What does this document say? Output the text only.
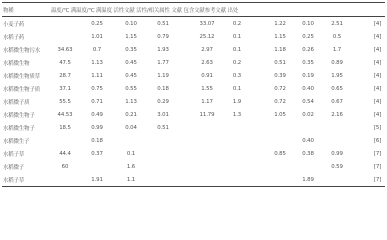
物種	温度/℃ 满温度/℃ 满温度 活性文献 活性/相关属性 文献 包含文献参考文献 出处												
小麦子药		0.25	0.10	0.51		33.07	0.2		1.22	0.10	2.51		[4]
水稻子药		1.01	1.15	0.79		25.12	0.1		1.15	0.25	0.5		[4]
水稻微生物污水	34.63	0.7	0.35	1.93		2.97	0.1		1.18	0.26	1.7		[4]
水稻微生物	47.5	1.13	0.45	1.77		2.63	0.2		0.51	0.35	0.89		[4]
水稻微生物质草	28.7	1.11	0.45	1.19		0.91	0.3		0.39	0.19	1.95		[4]
水稻微生物子质	37.1	0.75	0.55	0.18		1.55	0.1		0.72	0.40	0.65		[4]
水稻微子质	55.5	0.71	1.13	0.29		1.17	1.9		0.72	0.54	0.67		[4]
水稻微生物子	44.53	0.49	0.21	3.01		11.79	1.3		1.05	0.02	2.16		[4]
水稻微生物子	18.5	0.99	0.04	0.51									[5]
水稻微生子		0.18								0.40			[6]
水稻子草	44.4	0.37	0.1						0.85	0.38	0.99		[7]
水稻微子	60		1.6								0.59		[7]
水稻子草		1.91	1.1							1.89			[7]
